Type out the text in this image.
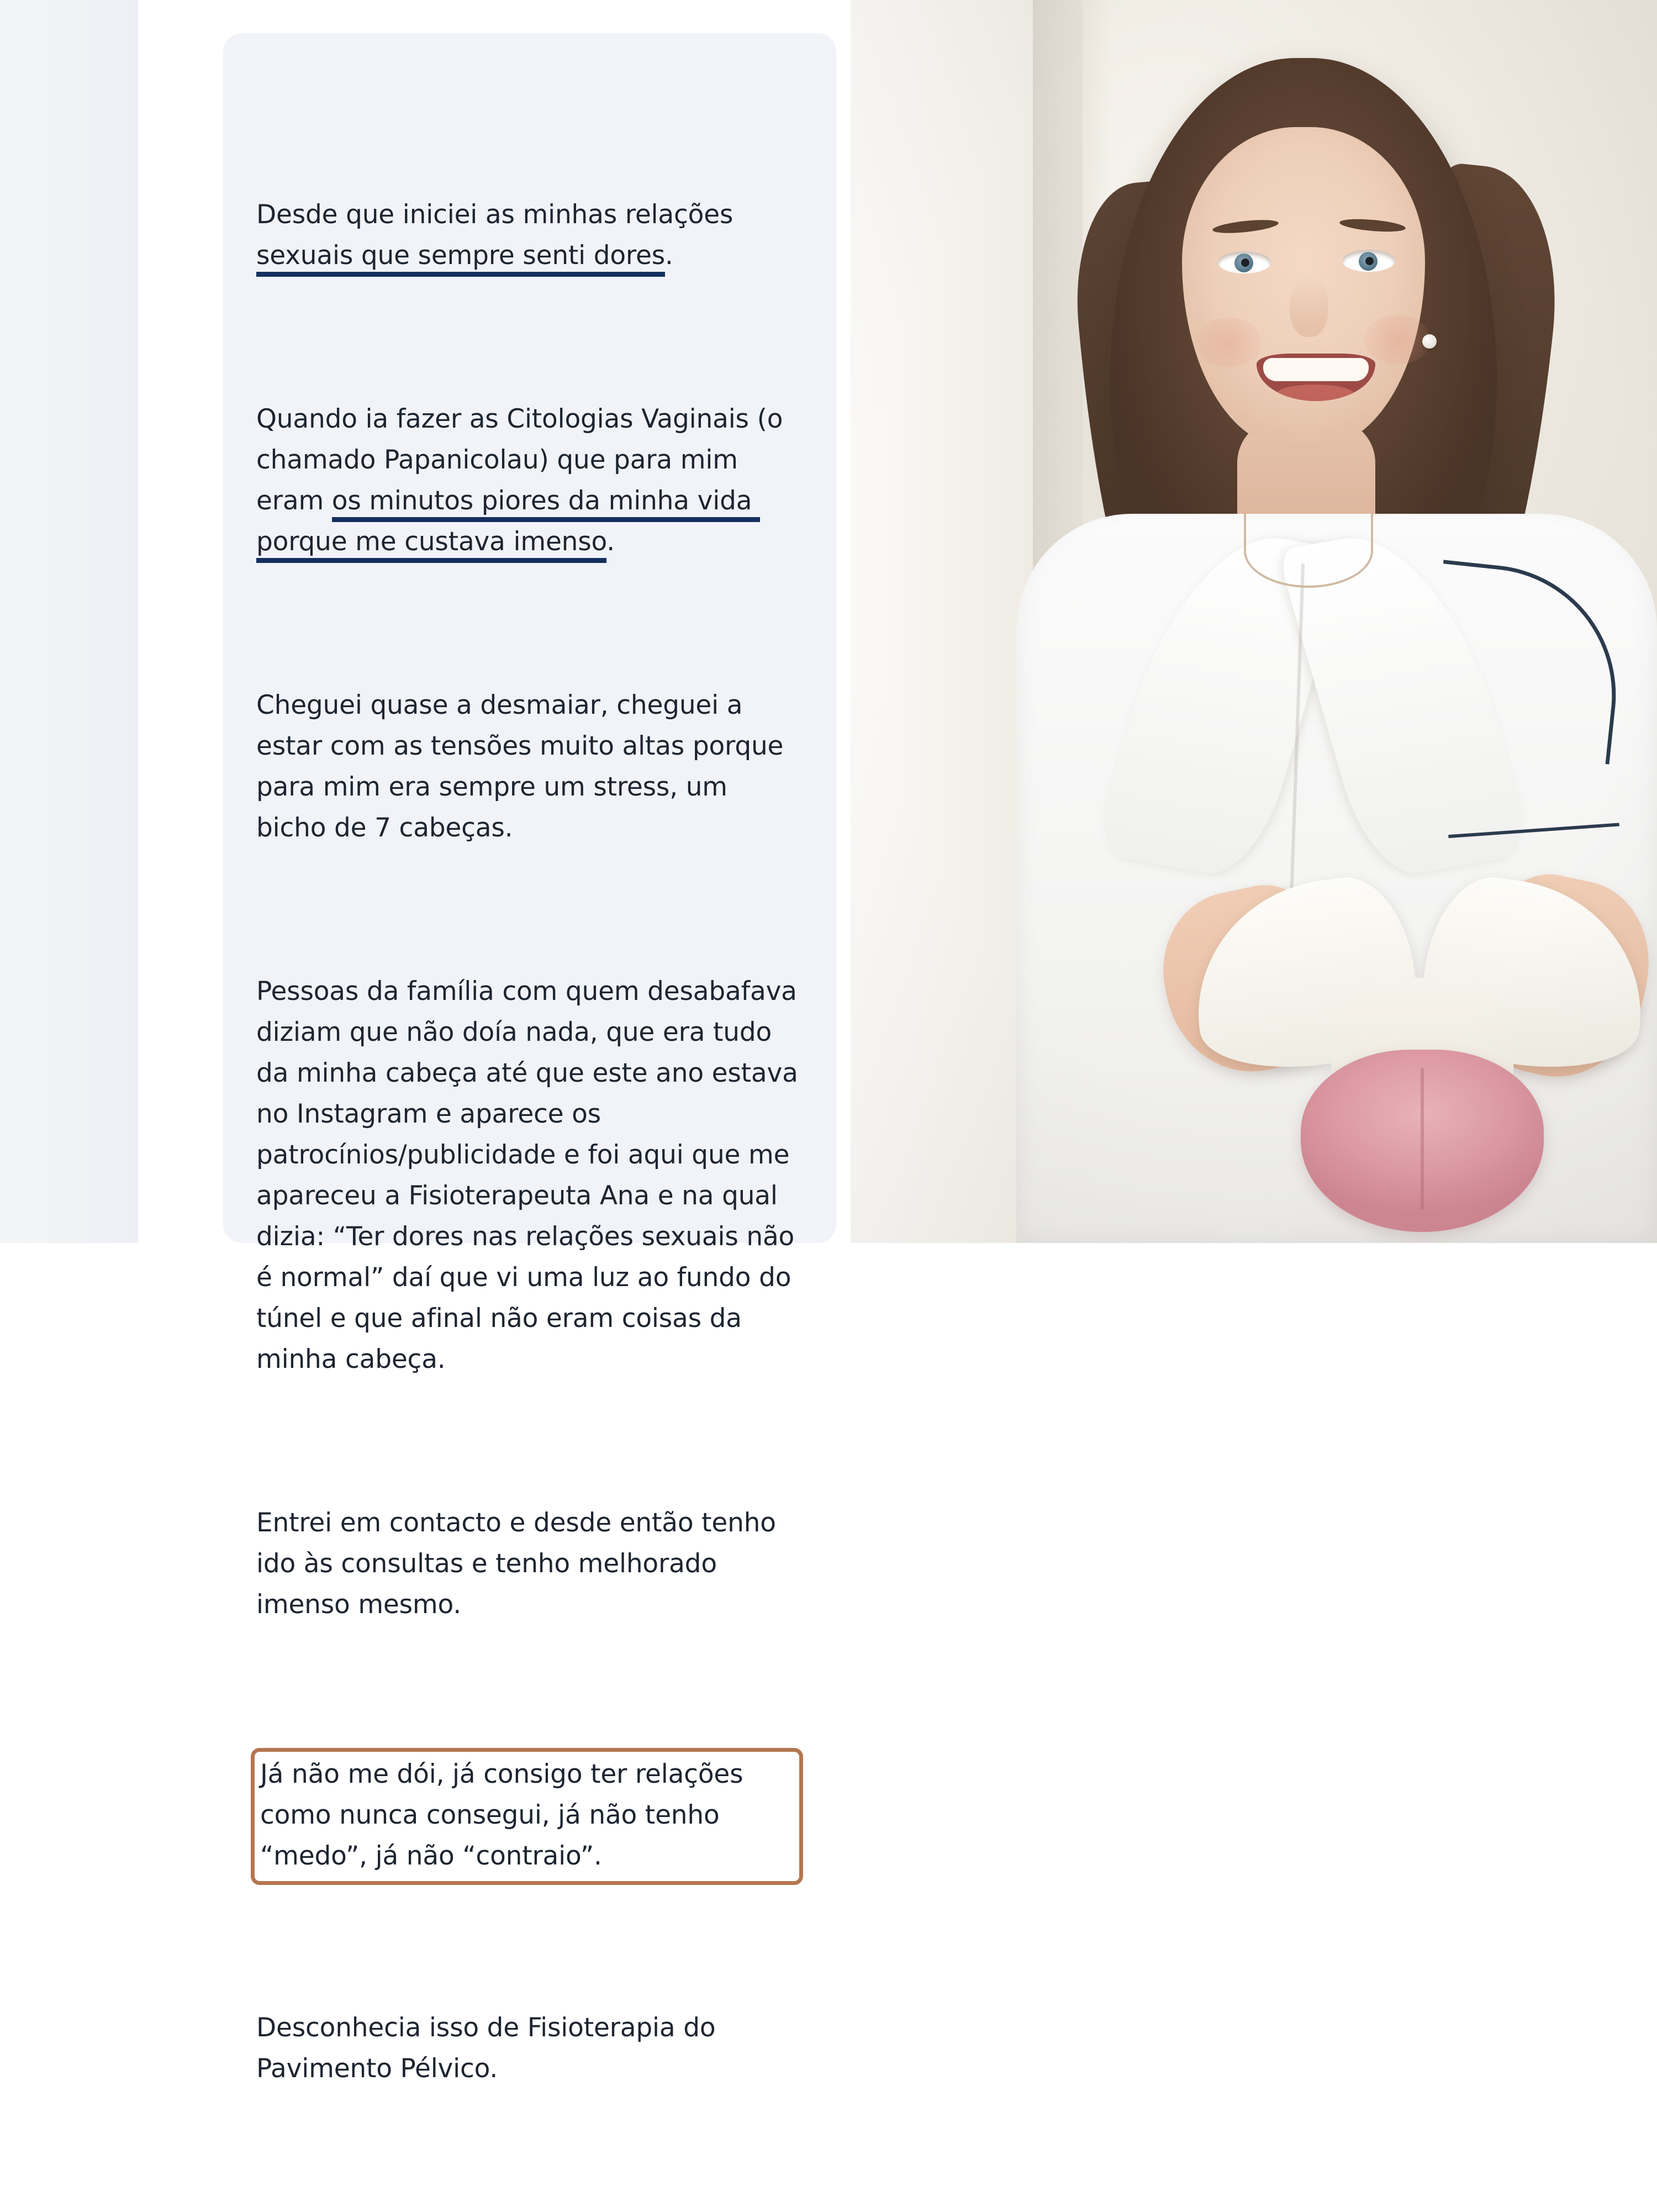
Desde que iniciei as minhas relações sexuais que sempre senti dores.

Quando ia fazer as Citologias Vaginais (o chamado Papanicolau) que para mim eram os minutos piores da minha vida porque me custava imenso.

Cheguei quase a desmaiar, cheguei a estar com as tensões muito altas porque para mim era sempre um stress, um bicho de 7 cabeças.

Pessoas da família com quem desabafava diziam que não doía nada, que era tudo da minha cabeça até que este ano estava no Instagram e aparece os patrocínios/publicidade e foi aqui que me apareceu a Fisioterapeuta Ana e na qual dizia: “Ter dores nas relações sexuais não é normal” daí que vi uma luz ao fundo do túnel e que afinal não eram coisas da minha cabeça.

Entrei em contacto e desde então tenho ido às consultas e tenho melhorado imenso mesmo.

Já não me dói, já consigo ter relações como nunca consegui, já não tenho “medo”, já não “contraio”.

Desconhecia isso de Fisioterapia do Pavimento Pélvico.
